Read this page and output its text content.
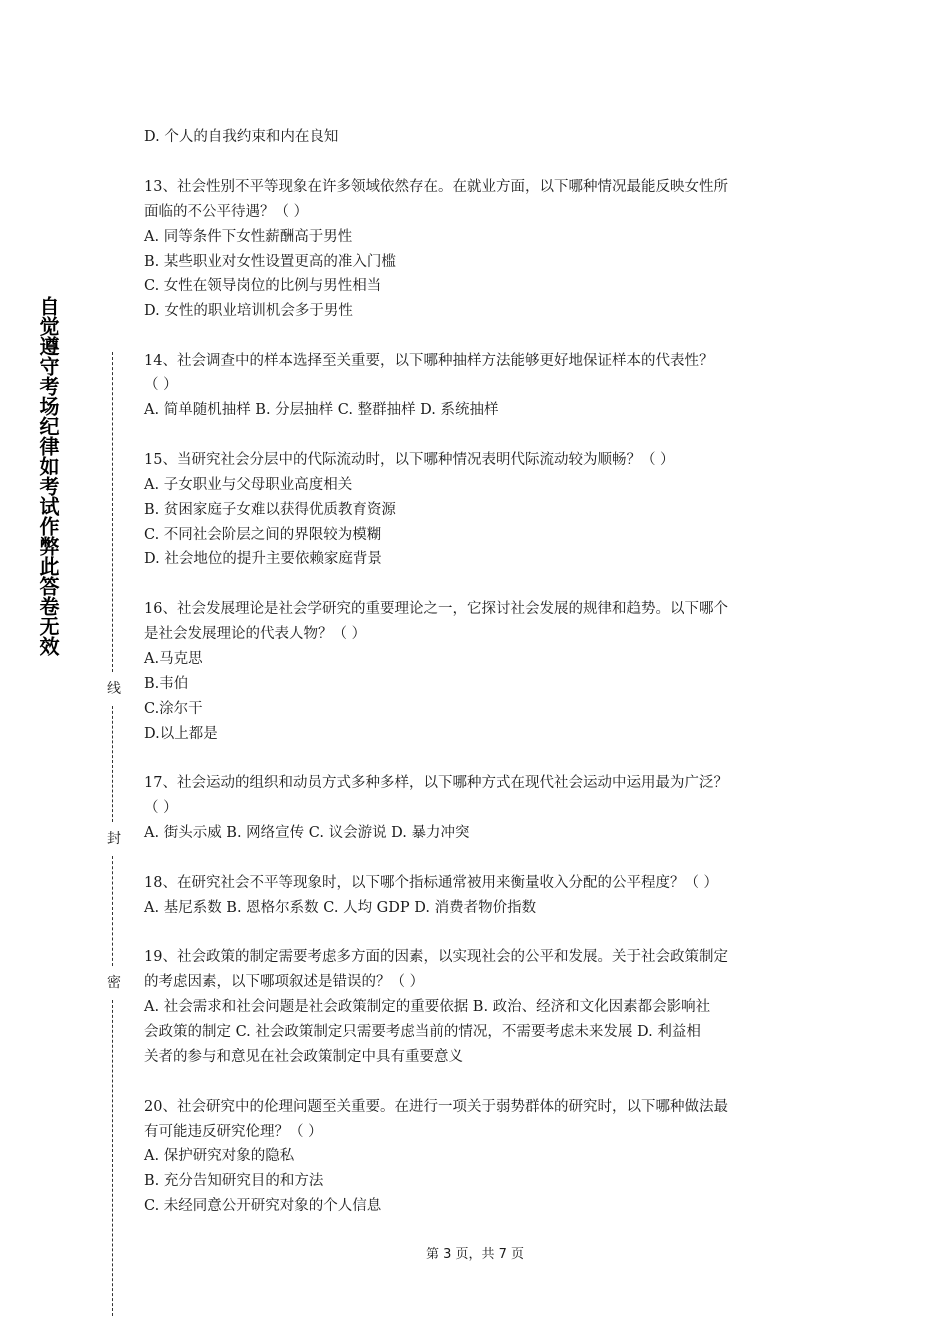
自觉遵守考场纪律如考试作弊此答卷无效
线
封
密
D. 个人的自我约束和内在良知
13、社会性别不平等现象在许多领域依然存在。在就业方面，以下哪种情况最能反映女性所
面临的不公平待遇？（ ）
A. 同等条件下女性薪酬高于男性
B. 某些职业对女性设置更高的准入门槛
C. 女性在领导岗位的比例与男性相当
D. 女性的职业培训机会多于男性
14、社会调查中的样本选择至关重要，以下哪种抽样方法能够更好地保证样本的代表性？
（ ）
A. 简单随机抽样 B. 分层抽样 C. 整群抽样 D. 系统抽样
15、当研究社会分层中的代际流动时，以下哪种情况表明代际流动较为顺畅？（ ）
A. 子女职业与父母职业高度相关
B. 贫困家庭子女难以获得优质教育资源
C. 不同社会阶层之间的界限较为模糊
D. 社会地位的提升主要依赖家庭背景
16、社会发展理论是社会学研究的重要理论之一，它探讨社会发展的规律和趋势。以下哪个
是社会发展理论的代表人物？（ ）
A.马克思
B.韦伯
C.涂尔干
D.以上都是
17、社会运动的组织和动员方式多种多样，以下哪种方式在现代社会运动中运用最为广泛？
（ ）
A. 街头示威 B. 网络宣传 C. 议会游说 D. 暴力冲突
18、在研究社会不平等现象时，以下哪个指标通常被用来衡量收入分配的公平程度？（ ）
A. 基尼系数 B. 恩格尔系数 C. 人均 GDP D. 消费者物价指数
19、社会政策的制定需要考虑多方面的因素，以实现社会的公平和发展。关于社会政策制定
的考虑因素，以下哪项叙述是错误的？（ ）
A. 社会需求和社会问题是社会政策制定的重要依据 B. 政治、经济和文化因素都会影响社
会政策的制定 C. 社会政策制定只需要考虑当前的情况，不需要考虑未来发展 D. 利益相
关者的参与和意见在社会政策制定中具有重要意义
20、社会研究中的伦理问题至关重要。在进行一项关于弱势群体的研究时，以下哪种做法最
有可能违反研究伦理？（ ）
A. 保护研究对象的隐私
B. 充分告知研究目的和方法
C. 未经同意公开研究对象的个人信息
第 3 页，共 7 页
